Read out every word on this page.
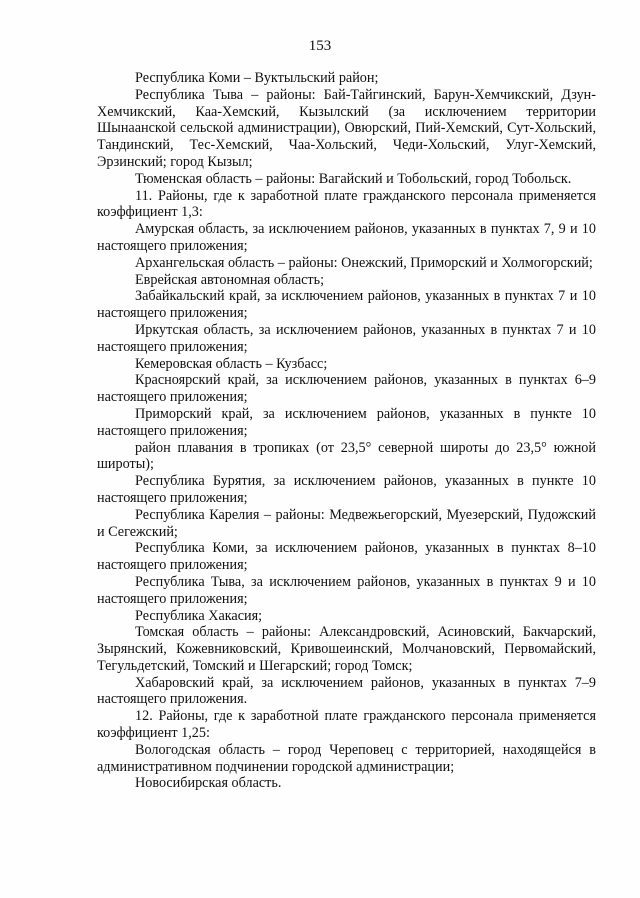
153

Республика Коми – Вуктыльский район;

Республика Тыва – районы: Бай-Тайгинский, Барун-Хемчикский, Дзун-Хемчикский, Каа-Хемский, Кызылский (за исключением территории Шынаанской сельской администрации), Овюрский, Пий-Хемский, Сут-Хольский, Тандинский, Тес-Хемский, Чаа-Хольский, Чеди-Хольский, Улуг-Хемский, Эрзинский; город Кызыл;

Тюменская область – районы: Вагайский и Тобольский, город Тобольск.

11. Районы, где к заработной плате гражданского персонала применяется коэффициент 1,3:

Амурская область, за исключением районов, указанных в пунктах 7, 9 и 10 настоящего приложения;

Архангельская область – районы: Онежский, Приморский и Холмогорский;

Еврейская автономная область;

Забайкальский край, за исключением районов, указанных в пунктах 7 и 10 настоящего приложения;

Иркутская область, за исключением районов, указанных в пунктах 7 и 10 настоящего приложения;

Кемеровская область – Кузбасс;

Красноярский край, за исключением районов, указанных в пунктах 6–9 настоящего приложения;

Приморский край, за исключением районов, указанных в пункте 10 настоящего приложения;

район плавания в тропиках (от 23,5° северной широты до 23,5° южной широты);

Республика Бурятия, за исключением районов, указанных в пункте 10 настоящего приложения;

Республика Карелия – районы: Медвежьегорский, Муезерский, Пудожский и Сегежский;

Республика Коми, за исключением районов, указанных в пунктах 8–10 настоящего приложения;

Республика Тыва, за исключением районов, указанных в пунктах 9 и 10 настоящего приложения;

Республика Хакасия;

Томская область – районы: Александровский, Асиновский, Бакчарский, Зырянский, Кожевниковский, Кривошеинский, Молчановский, Первомайский, Тегульдетский, Томский и Шегарский; город Томск;

Хабаровский край, за исключением районов, указанных в пунктах 7–9 настоящего приложения.

12. Районы, где к заработной плате гражданского персонала применяется коэффициент 1,25:

Вологодская область – город Череповец с территорией, находящейся в административном подчинении городской администрации;

Новосибирская область.
